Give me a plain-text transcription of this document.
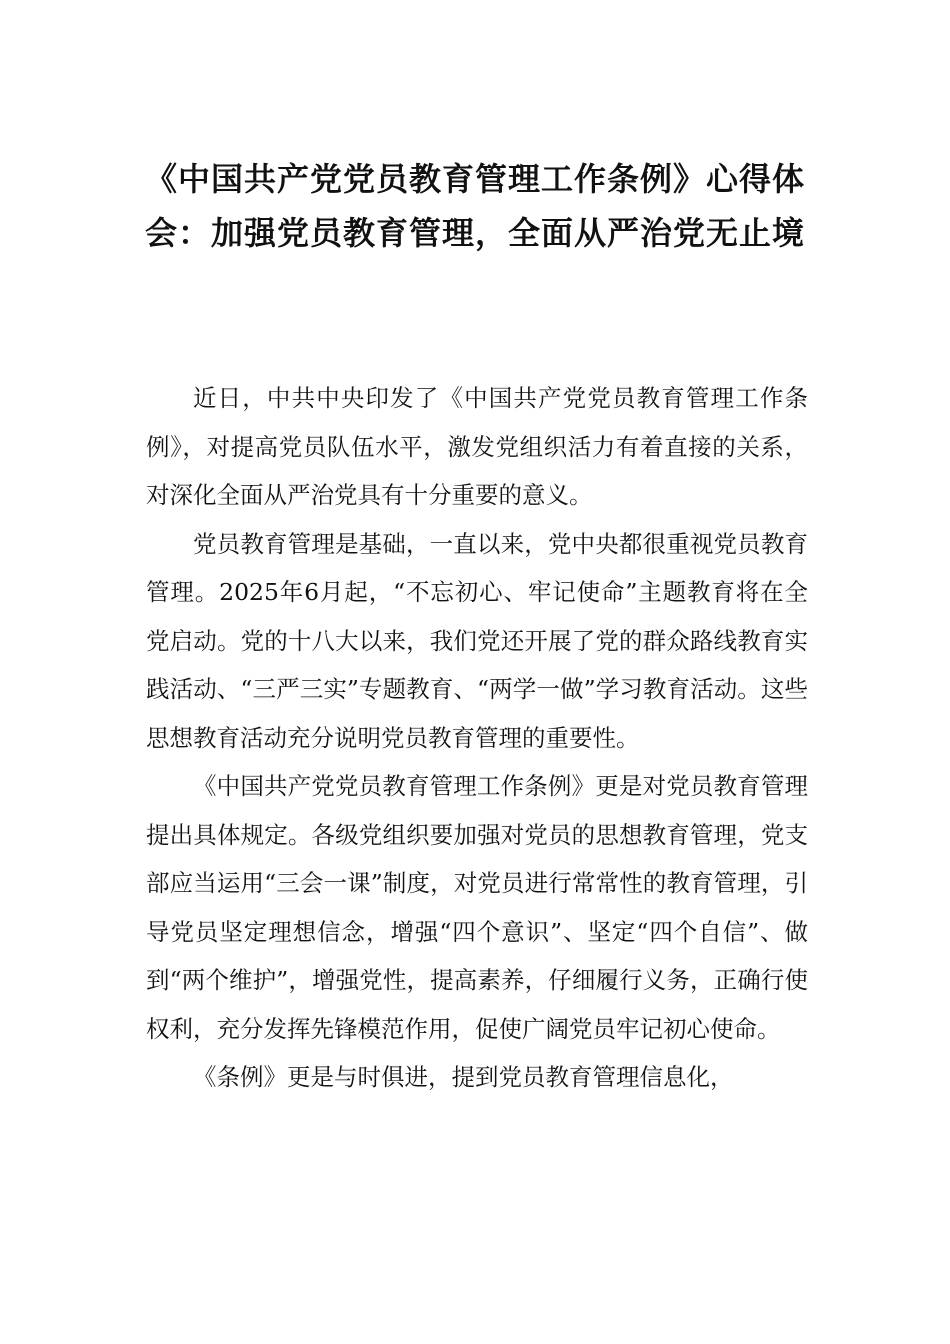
《中国共产党党员教育管理工作条例》心得体会：加强党员教育管理，全面从严治党无止境

近日，中共中央印发了《中国共产党党员教育管理工作条例》，对提高党员队伍水平，激发党组织活力有着直接的关系，对深化全面从严治党具有十分重要的意义。

党员教育管理是基础，一直以来，党中央都很重视党员教育管理。2025年6月起，“不忘初心、牢记使命”主题教育将在全党启动。党的十八大以来，我们党还开展了党的群众路线教育实践活动、“三严三实”专题教育、“两学一做”学习教育活动。这些思想教育活动充分说明党员教育管理的重要性。

《中国共产党党员教育管理工作条例》更是对党员教育管理提出具体规定。各级党组织要加强对党员的思想教育管理，党支部应当运用“三会一课”制度，对党员进行常常性的教育管理，引导党员坚定理想信念，增强“四个意识”、坚定“四个自信”、做到“两个维护”，增强党性，提高素养，仔细履行义务，正确行使权利，充分发挥先锋模范作用，促使广阔党员牢记初心使命。

《条例》更是与时俱进，提到党员教育管理信息化，
